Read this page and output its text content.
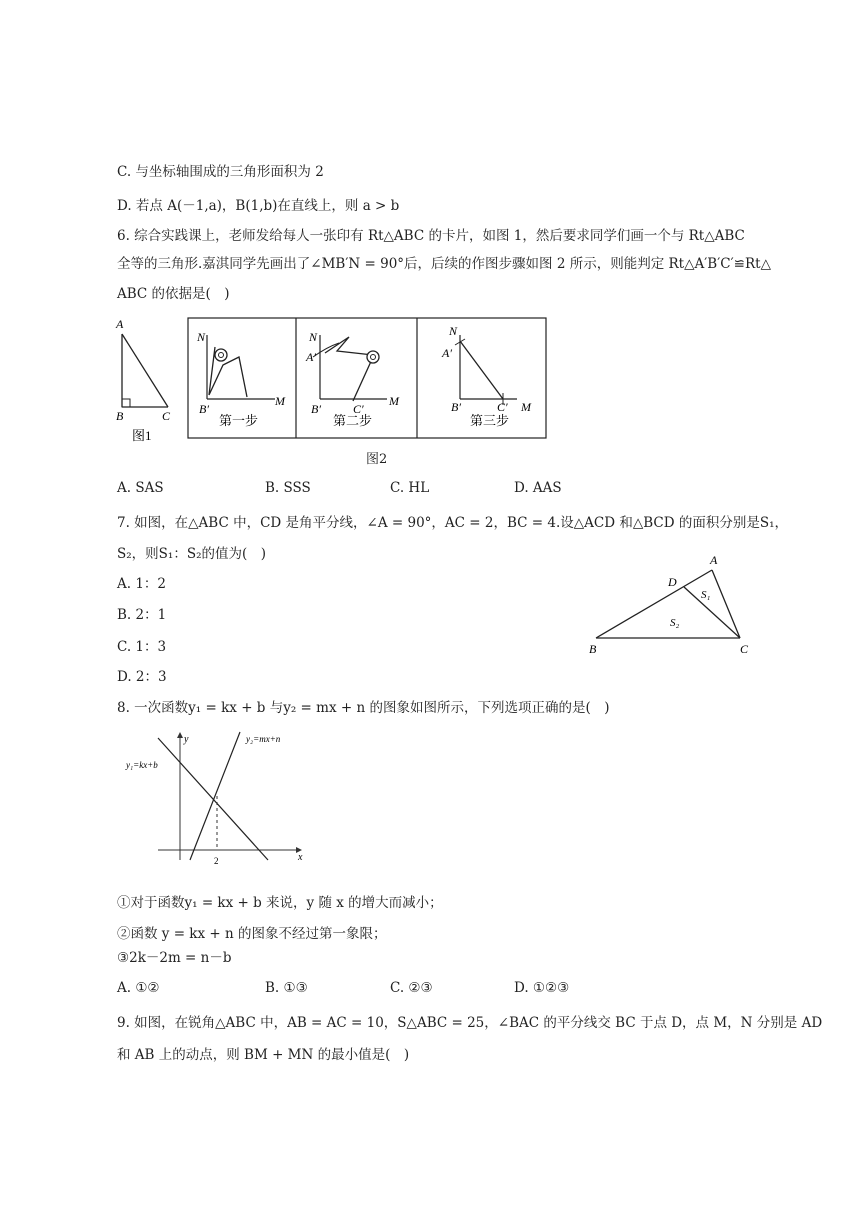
C. 与坐标轴围成的三角形面积为 2
D. 若点 A(－1,a)，B(1,b)在直线上，则 a > b
6. 综合实践课上，老师发给每人一张印有 Rt△ABC 的卡片，如图 1，然后要求同学们画一个与 Rt△ABC
全等的三角形.嘉淇同学先画出了∠MB′N = 90°后，后续的作图步骤如图 2 所示，则能判定 Rt△A′B′C′≌Rt△
ABC 的依据是(　)
A
B	C
图1
N
M
B′
第一步
N
A′
M
B′	C′
第二步
N
A′
M
B′	C′
第三步
图2
A. SAS	B. SSS	C. HL	D. AAS
7. 如图，在△ABC 中，CD 是角平分线，∠A = 90°，AC = 2，BC = 4.设△ACD 和△BCD 的面积分别是S₁，
S₂，则S₁：S₂的值为(　)
A. 1：2
B. 2：1
C. 1：3
D. 2：3
A
B	C
D
S₁
S₂
8. 一次函数y₁ = kx + b 与y₂ = mx + n 的图象如图所示，下列选项正确的是(　)
y
x
y₁=kx+b
y₂=mx+n
2
①对于函数y₁ = kx + b 来说，y 随 x 的增大而减小；
②函数 y = kx + n 的图象不经过第一象限；
③2k－2m = n－b
A. ①②	B. ①③	C. ②③	D. ①②③
9. 如图，在锐角△ABC 中，AB = AC = 10，S△ABC = 25，∠BAC 的平分线交 BC 于点 D，点 M，N 分别是 AD
和 AB 上的动点，则 BM + MN 的最小值是(　)
